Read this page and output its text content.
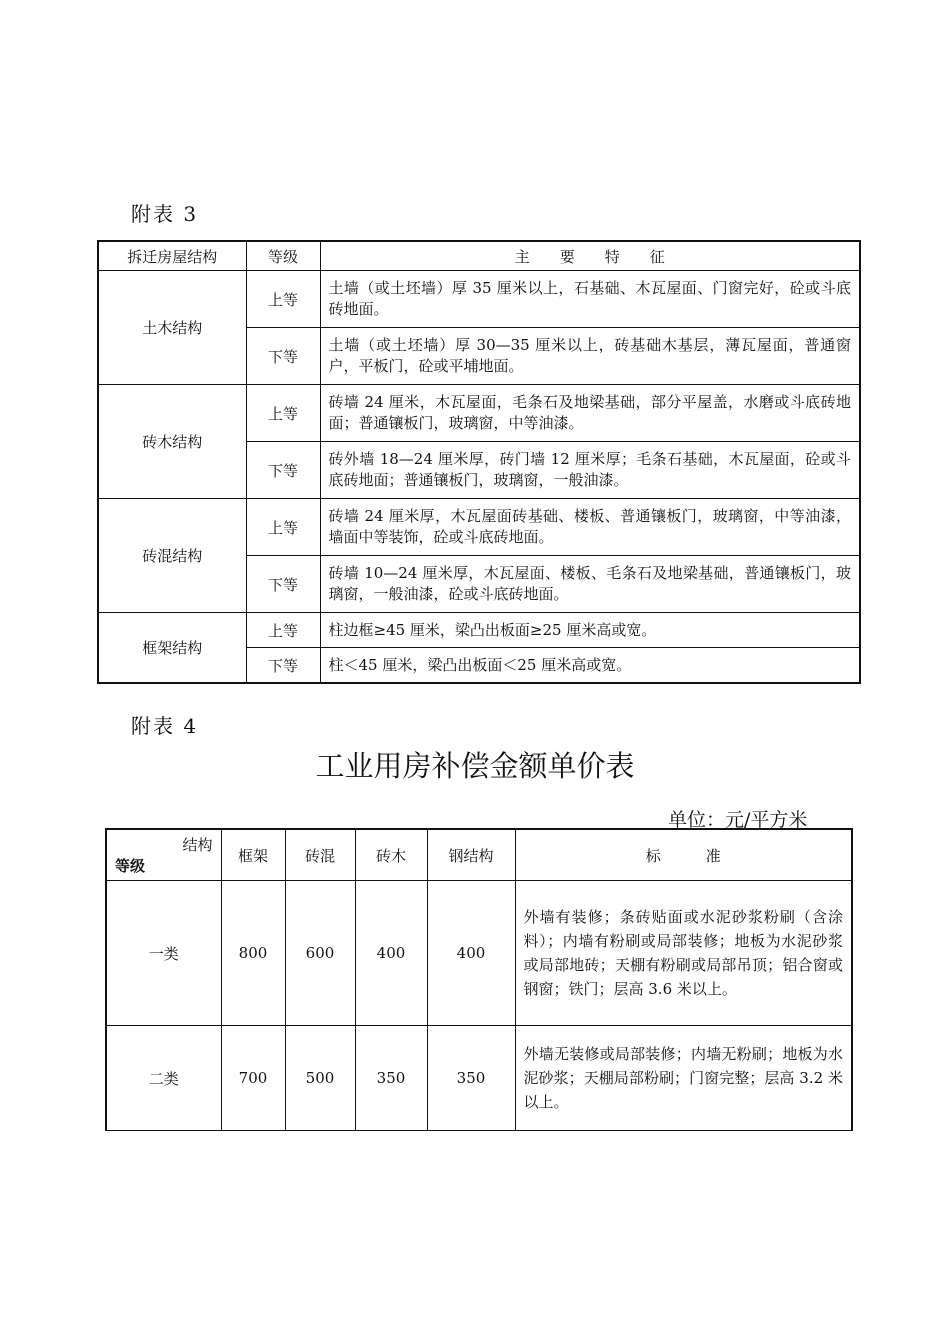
附表 3
拆迁房屋结构	等级	主　　要　　特　　征
土木结构	上等	土墙（或土坯墙）厚 35 厘米以上，石基础、木瓦屋面、门窗完好，砼或斗底砖地面。
	下等	土墙（或土坯墙）厚 30—35 厘米以上，砖基础木基层，薄瓦屋面，普通窗户，平板门，砼或平埔地面。
砖木结构	上等	砖墙 24 厘米，木瓦屋面，毛条石及地梁基础，部分平屋盖，水磨或斗底砖地面；普通镶板门，玻璃窗，中等油漆。
	下等	砖外墙 18—24 厘米厚，砖门墙 12 厘米厚；毛条石基础，木瓦屋面，砼或斗底砖地面；普通镶板门，玻璃窗，一般油漆。
砖混结构	上等	砖墙 24 厘米厚，木瓦屋面砖基础、楼板、普通镶板门，玻璃窗，中等油漆，墙面中等装饰，砼或斗底砖地面。
	下等	砖墙 10—24 厘米厚，木瓦屋面、楼板、毛条石及地梁基础，普通镶板门，玻璃窗，一般油漆，砼或斗底砖地面。
框架结构	上等	柱边框≥45 厘米，梁凸出板面≥25 厘米高或宽。
	下等	柱＜45 厘米，梁凸出板面＜25 厘米高或宽。
附表 4
工业用房补偿金额单价表
单位：元/平方米
结构
等级	框架	砖混	砖木	钢结构	标　　　准
一类	800	600	400	400	外墙有装修；条砖贴面或水泥砂浆粉刷（含涂料）；内墙有粉刷或局部装修；地板为水泥砂浆或局部地砖；天棚有粉刷或局部吊顶；铝合窗或钢窗；铁门；层高 3.6 米以上。
二类	700	500	350	350	外墙无装修或局部装修；内墙无粉刷；地板为水泥砂浆；天棚局部粉刷；门窗完整；层高 3.2 米以上。
